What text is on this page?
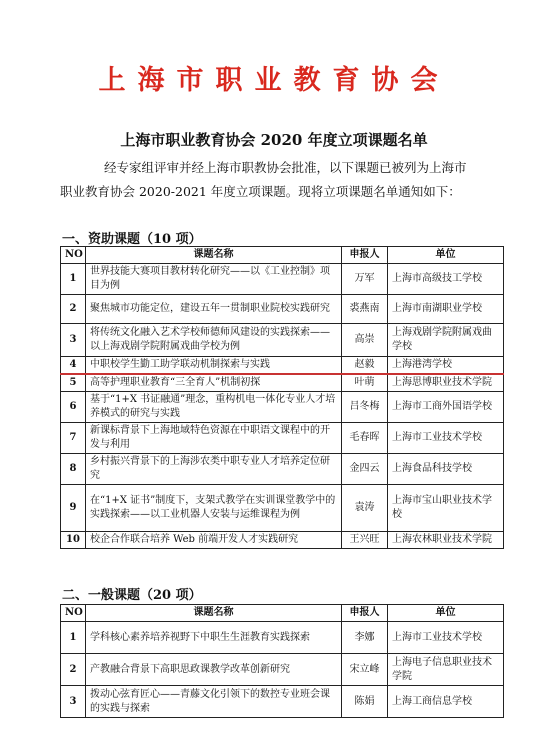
上海市职业教育协会
上海市职业教育协会 2020 年度立项课题名单
经专家组评审并经上海市职教协会批准，以下课题已被列为上海市
职业教育协会 2020-2021 年度立项课题。现将立项课题名单通知如下：
一、资助课题（10 项）
NO	课题名称	申报人	单位
1	世界技能大赛项目教材转化研究——以《工业控制》项目为例	万军	上海市高级技工学校
2	聚焦城市功能定位，建设五年一贯制职业院校实践研究	裘燕南	上海市南湖职业学校
3	将传统文化融入艺术学校师德师风建设的实践探索——以上海戏剧学院附属戏曲学校为例	高崇	上海戏剧学院附属戏曲学校
4	中职校学生勤工助学联动机制探索与实践	赵毅	上海港湾学校
5	高等护理职业教育“三全育人”机制初探	叶萌	上海思博职业技术学院
6	基于“1+X 书证融通”理念，重构机电一体化专业人才培养模式的研究与实践	吕冬梅	上海市工商外国语学校
7	新课标背景下上海地域特色资源在中职语文课程中的开发与利用	毛春晖	上海市工业技术学校
8	乡村振兴背景下的上海涉农类中职专业人才培养定位研究	金四云	上海食品科技学校
9	在“1+X 证书”制度下，支架式教学在实训课堂教学中的实践探索——以工业机器人安装与运维课程为例	袁涛	上海市宝山职业技术学校
10	校企合作联合培养 Web 前端开发人才实践研究	王兴旺	上海农林职业技术学院
二、一般课题（20 项）
NO	课题名称	申报人	单位
1	学科核心素养培养视野下中职生生涯教育实践探索	李娜	上海市工业技术学校
2	产教融合背景下高职思政课教学改革创新研究	宋立峰	上海电子信息职业技术学院
3	拨动心弦育匠心——青藤文化引领下的数控专业班会课的实践与探索	陈娟	上海工商信息学校
